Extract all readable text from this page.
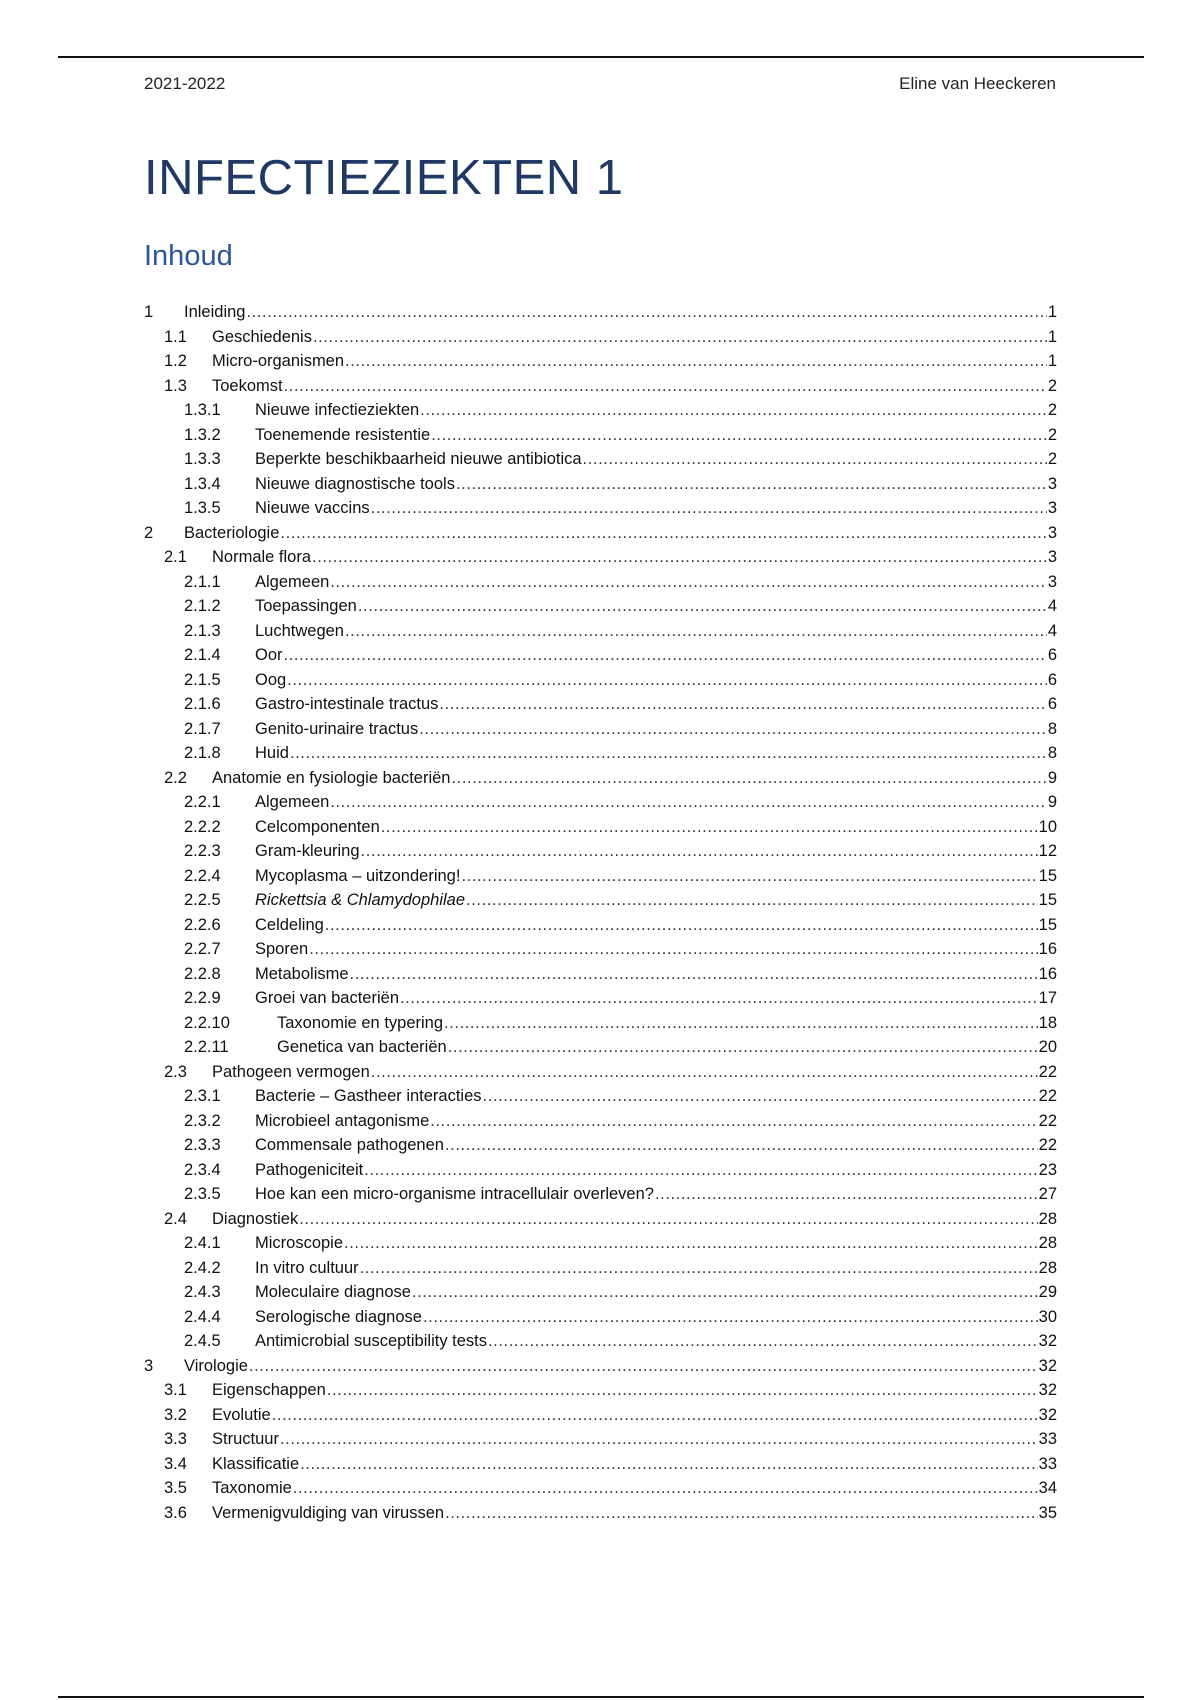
2021-2022	Eline van Heeckeren
INFECTIEZIEKTEN 1
Inhoud
1	Inleiding .....	1
1.1	Geschiedenis .....	1
1.2	Micro-organismen .....	1
1.3	Toekomst .....	2
1.3.1	Nieuwe infectieziekten .....	2
1.3.2	Toenemende resistentie .....	2
1.3.3	Beperkte beschikbaarheid nieuwe antibiotica .....	2
1.3.4	Nieuwe diagnostische tools .....	3
1.3.5	Nieuwe vaccins .....	3
2	Bacteriologie .....	3
2.1	Normale flora .....	3
2.1.1	Algemeen .....	3
2.1.2	Toepassingen .....	4
2.1.3	Luchtwegen .....	4
2.1.4	Oor .....	6
2.1.5	Oog .....	6
2.1.6	Gastro-intestinale tractus .....	6
2.1.7	Genito-urinaire tractus .....	8
2.1.8	Huid .....	8
2.2	Anatomie en fysiologie bacteriën .....	9
2.2.1	Algemeen .....	9
2.2.2	Celcomponenten .....	10
2.2.3	Gram-kleuring .....	12
2.2.4	Mycoplasma – uitzondering! .....	15
2.2.5	Rickettsia & Chlamydophilae .....	15
2.2.6	Celdeling .....	15
2.2.7	Sporen .....	16
2.2.8	Metabolisme .....	16
2.2.9	Groei van bacteriën .....	17
2.2.10	Taxonomie en typering .....	18
2.2.11	Genetica van bacteriën .....	20
2.3	Pathogeen vermogen .....	22
2.3.1	Bacterie – Gastheer interacties .....	22
2.3.2	Microbieel antagonisme .....	22
2.3.3	Commensale pathogenen .....	22
2.3.4	Pathogeniciteit .....	23
2.3.5	Hoe kan een micro-organisme intracellulair overleven? .....	27
2.4	Diagnostiek .....	28
2.4.1	Microscopie .....	28
2.4.2	In vitro cultuur .....	28
2.4.3	Moleculaire diagnose .....	29
2.4.4	Serologische diagnose .....	30
2.4.5	Antimicrobial susceptibility tests .....	32
3	Virologie .....	32
3.1	Eigenschappen .....	32
3.2	Evolutie .....	32
3.3	Structuur .....	33
3.4	Klassificatie .....	33
3.5	Taxonomie .....	34
3.6	Vermenigvuldiging van virussen .....	35
